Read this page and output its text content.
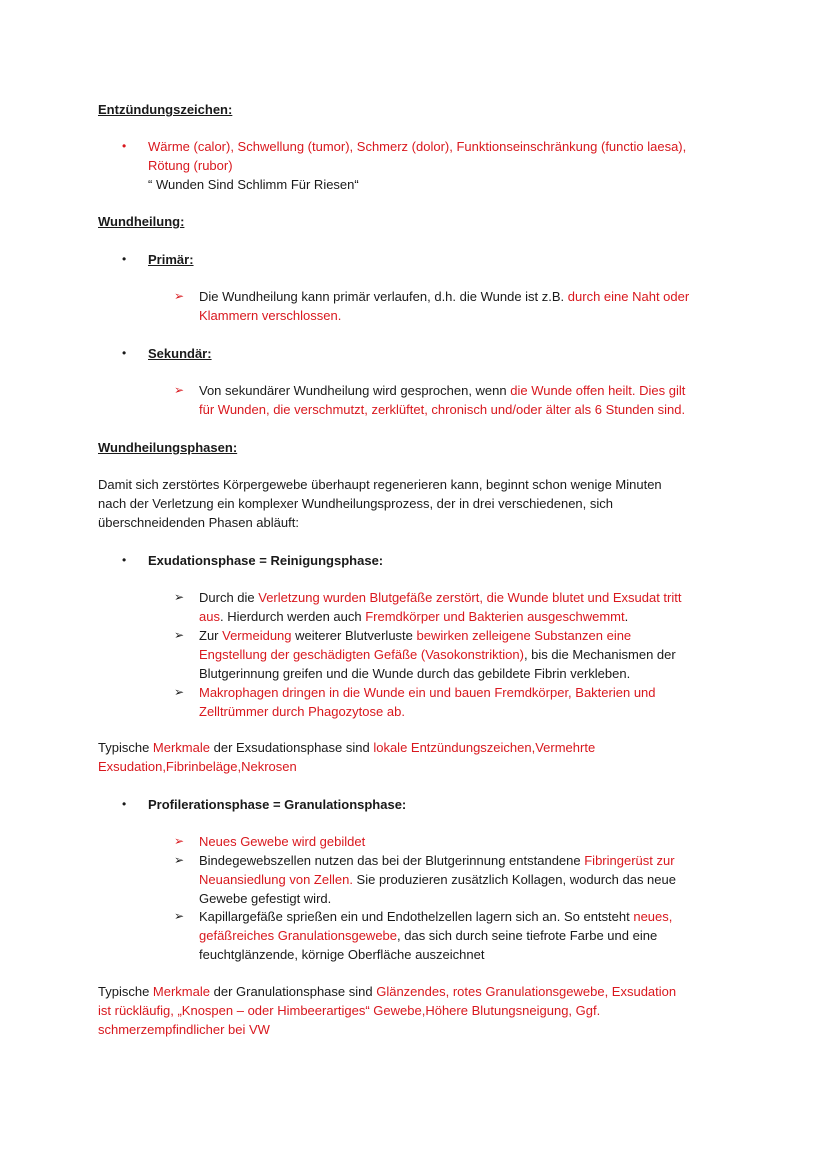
Entzündungszeichen:
• Wärme (calor), Schwellung (tumor), Schmerz (dolor), Funktionseinschränkung (functio laesa),
Rötung (rubor)
“ Wunden Sind Schlimm Für Riesen“
Wundheilung:
• Primär:
➢ Die Wundheilung kann primär verlaufen, d.h. die Wunde ist z.B. durch eine Naht oder
Klammern verschlossen.
• Sekundär:
➢ Von sekundärer Wundheilung wird gesprochen, wenn die Wunde offen heilt. Dies gilt
für Wunden, die verschmutzt, zerklüftet, chronisch und/oder älter als 6 Stunden sind.
Wundheilungsphasen:
Damit sich zerstörtes Körpergewebe überhaupt regenerieren kann, beginnt schon wenige Minuten
nach der Verletzung ein komplexer Wundheilungsprozess, der in drei verschiedenen, sich
überschneidenden Phasen abläuft:
• Exudationsphase = Reinigungsphase:
➢ Durch die Verletzung wurden Blutgefäße zerstört, die Wunde blutet und Exsudat tritt
aus. Hierdurch werden auch Fremdkörper und Bakterien ausgeschwemmt.
➢ Zur Vermeidung weiterer Blutverluste bewirken zelleigene Substanzen eine
Engstellung der geschädigten Gefäße (Vasokonstriktion), bis die Mechanismen der
Blutgerinnung greifen und die Wunde durch das gebildete Fibrin verkleben.
➢ Makrophagen dringen in die Wunde ein und bauen Fremdkörper, Bakterien und
Zelltrümmer durch Phagozytose ab.
Typische Merkmale der Exsudationsphase sind lokale Entzündungszeichen,Vermehrte
Exsudation,Fibrinbeläge,Nekrosen
• Profilerationsphase = Granulationsphase:
➢ Neues Gewebe wird gebildet
➢ Bindegewebszellen nutzen das bei der Blutgerinnung entstandene Fibringerüst zur
Neuansiedlung von Zellen. Sie produzieren zusätzlich Kollagen, wodurch das neue
Gewebe gefestigt wird.
➢ Kapillargefäße sprießen ein und Endothelzellen lagern sich an. So entsteht neues,
gefäßreiches Granulationsgewebe, das sich durch seine tiefrote Farbe und eine
feuchtglänzende, körnige Oberfläche auszeichnet
Typische Merkmale der Granulationsphase sind Glänzendes, rotes Granulationsgewebe, Exsudation
ist rückläufig, „Knospen – oder Himbeerartiges“ Gewebe,Höhere Blutungsneigung, Ggf.
schmerzempfindlicher bei VW
